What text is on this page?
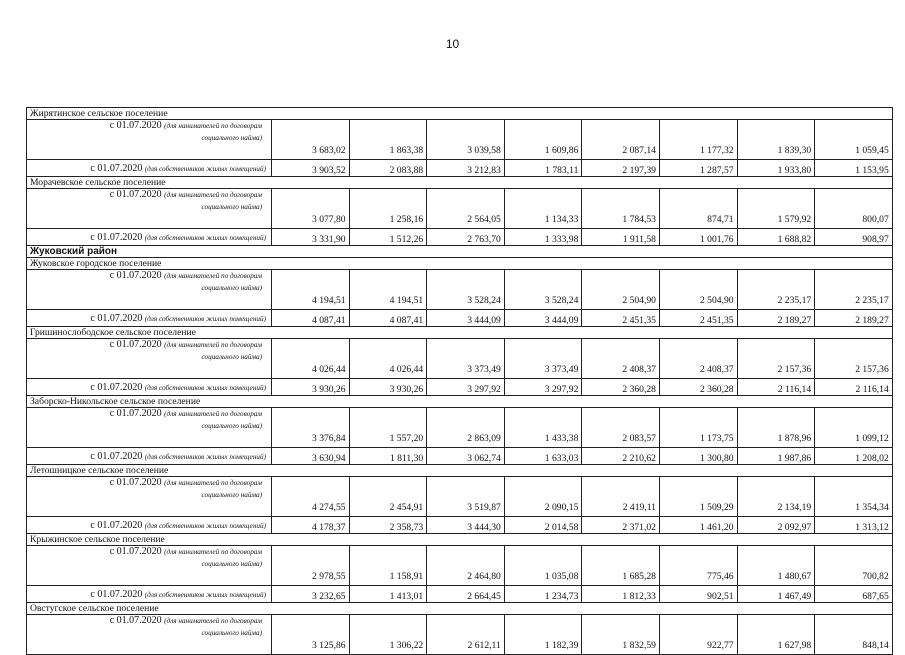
10
Жирятинское сельское поселение								

с 01.07.2020 (для нанимателей по договорам
социального найма)	3 683,02	1 863,38	3 039,58	1 609,86	2 087,14	1 177,32	1 839,30	1 059,45

с 01.07.2020 (для собственников жилых помещений)	3 903,52	2 083,88	3 212,83	1 783,11	2 197,39	1 287,57	1 933,80	1 153,95
Морачевское сельское поселение								

с 01.07.2020 (для нанимателей по договорам
социального найма)	3 077,80	1 258,16	2 564,05	1 134,33	1 784,53	874,71	1 579,92	800,07

с 01.07.2020 (для собственников жилых помещений)	3 331,90	1 512,26	2 763,70	1 333,98	1 911,58	1 001,76	1 688,82	908,97
Жуковский район								
Жуковское городское поселение								

с 01.07.2020 (для нанимателей по договорам
социального найма)	4 194,51	4 194,51	3 528,24	3 528,24	2 504,90	2 504,90	2 235,17	2 235,17

с 01.07.2020 (для собственников жилых помещений)	4 087,41	4 087,41	3 444,09	3 444,09	2 451,35	2 451,35	2 189,27	2 189,27
Гришинослободское сельское поселение								

с 01.07.2020 (для нанимателей по договорам
социального найма)	4 026,44	4 026,44	3 373,49	3 373,49	2 408,37	2 408,37	2 157,36	2 157,36

с 01.07.2020 (для собственников жилых помещений)	3 930,26	3 930,26	3 297,92	3 297,92	2 360,28	2 360,28	2 116,14	2 116,14
Заборско-Никольское сельское поселение								

с 01.07.2020 (для нанимателей по договорам
социального найма)	3 376,84	1 557,20	2 863,09	1 433,38	2 083,57	1 173,75	1 878,96	1 099,12

с 01.07.2020 (для собственников жилых помещений)	3 630,94	1 811,30	3 062,74	1 633,03	2 210,62	1 300,80	1 987,86	1 208,02
Летошницкое сельское поселение								

с 01.07.2020 (для нанимателей по договорам
социального найма)	4 274,55	2 454,91	3 519,87	2 090,15	2 419,11	1 509,29	2 134,19	1 354,34

с 01.07.2020 (для собственников жилых помещений)	4 178,37	2 358,73	3 444,30	2 014,58	2 371,02	1 461,20	2 092,97	1 313,12
Крыжинское сельское поселение								

с 01.07.2020 (для нанимателей по договорам
социального найма)	2 978,55	1 158,91	2 464,80	1 035,08	1 685,28	775,46	1 480,67	700,82

с 01.07.2020 (для собственников жилых помещений)	3 232,65	1 413,01	2 664,45	1 234,73	1 812,33	902,51	1 467,49	687,65
Овстугское сельское поселение								

с 01.07.2020 (для нанимателей по договорам
социального найма)	3 125,86	1 306,22	2 612,11	1 182,39	1 832,59	922,77	1 627,98	848,14
